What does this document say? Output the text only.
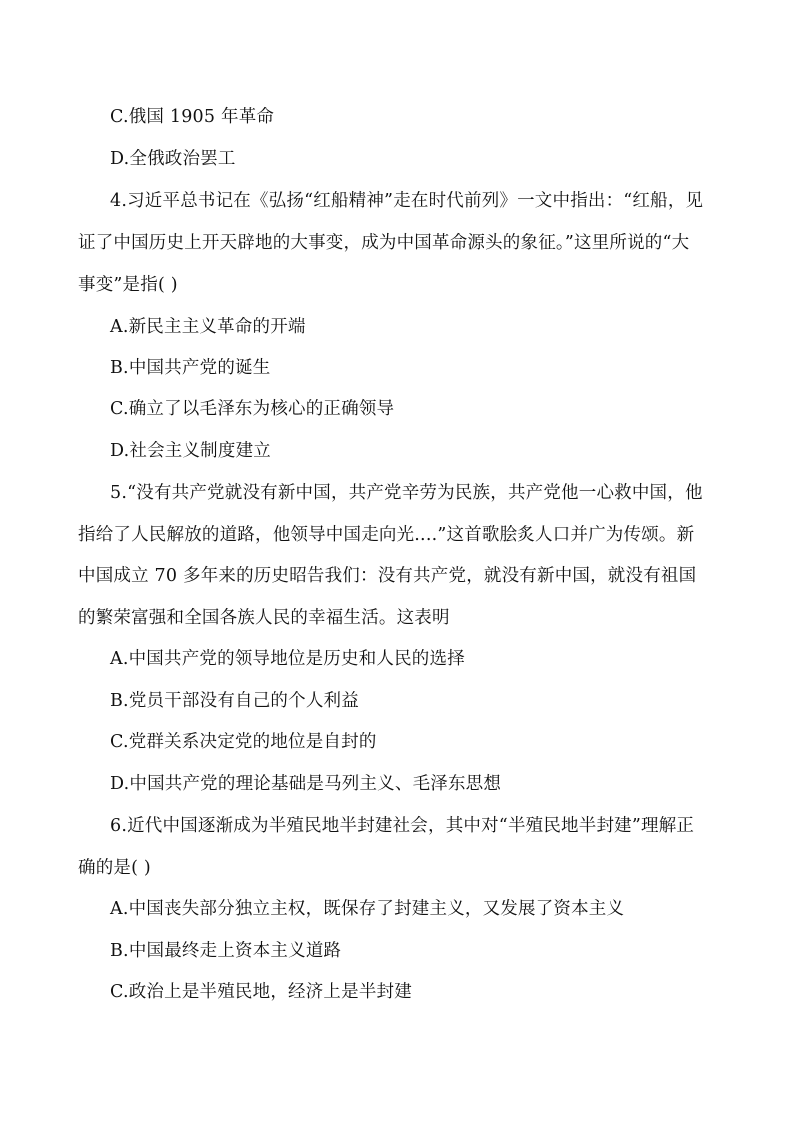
C.俄国 1905 年革命
D.全俄政治罢工
4.习近平总书记在《弘扬“红船精神”走在时代前列》一文中指出：“红船，见
证了中国历史上开天辟地的大事变，成为中国革命源头的象征。”这里所说的“大
事变”是指( )
A.新民主主义革命的开端
B.中国共产党的诞生
C.确立了以毛泽东为核心的正确领导
D.社会主义制度建立
5.“没有共产党就没有新中国，共产党辛劳为民族，共产党他一心救中国，他
指给了人民解放的道路，他领导中国走向光....”这首歌脍炙人口并广为传颂。新
中国成立 70 多年来的历史昭告我们：没有共产党，就没有新中国，就没有祖国
的繁荣富强和全国各族人民的幸福生活。这表明
A.中国共产党的领导地位是历史和人民的选择
B.党员干部没有自己的个人利益
C.党群关系决定党的地位是自封的
D.中国共产党的理论基础是马列主义、毛泽东思想
6.近代中国逐渐成为半殖民地半封建社会，其中对“半殖民地半封建”理解正
确的是( )
A.中国丧失部分独立主权，既保存了封建主义，又发展了资本主义
B.中国最终走上资本主义道路
C.政治上是半殖民地，经济上是半封建
